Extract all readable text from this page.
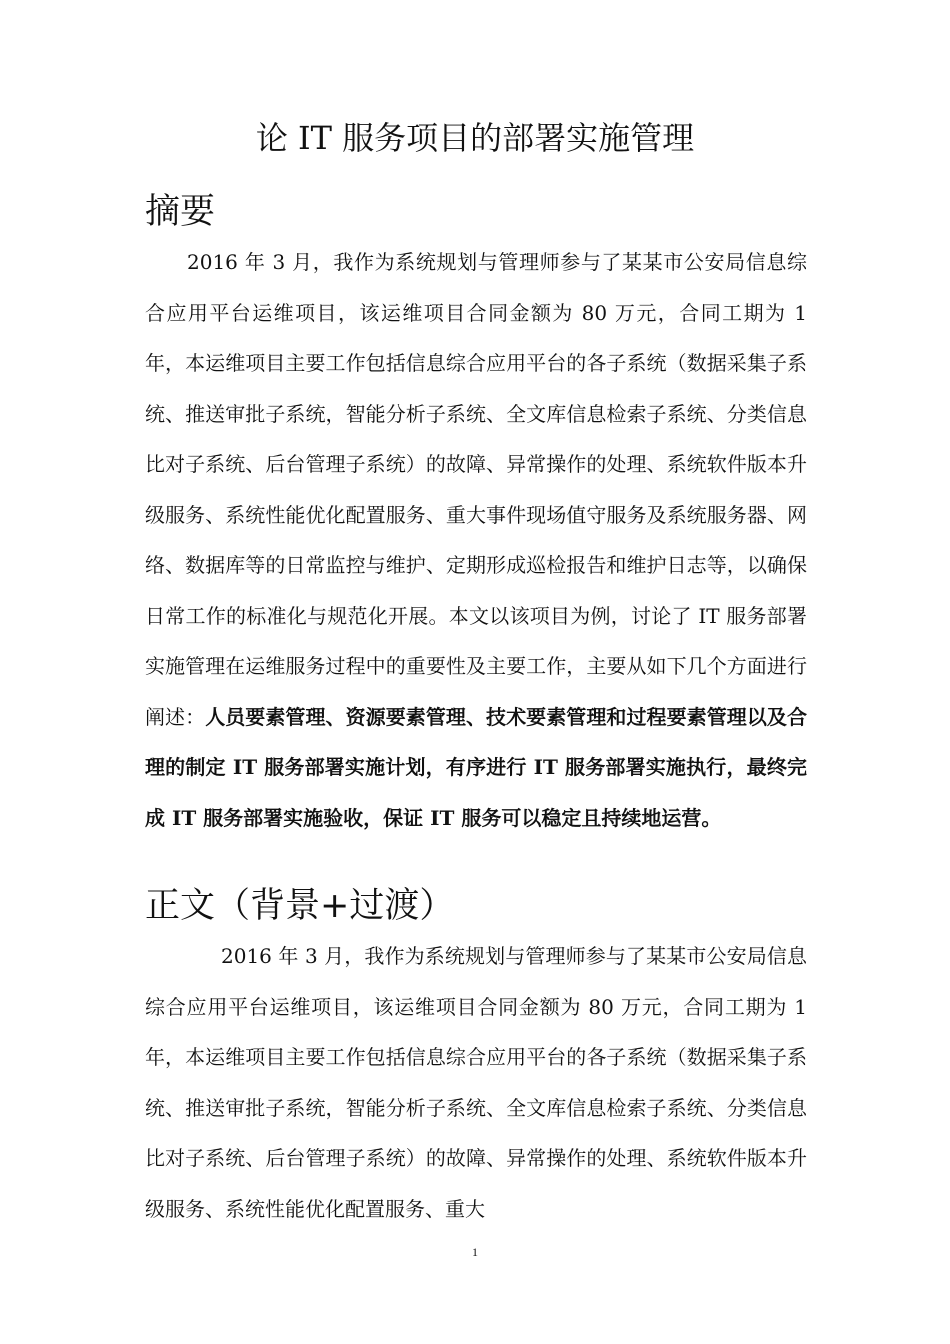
论 IT 服务项目的部署实施管理
摘要

2016 年 3 月，我作为系统规划与管理师参与了某某市公安局信息综合应用平台运维项目，该运维项目合同金额为 80 万元，合同工期为 1 年，本运维项目主要工作包括信息综合应用平台的各子系统（数据采集子系统、推送审批子系统，智能分析子系统、全文库信息检索子系统、分类信息比对子系统、后台管理子系统）的故障、异常操作的处理、系统软件版本升级服务、系统性能优化配置服务、重大事件现场值守服务及系统服务器、网络、数据库等的日常监控与维护、定期形成巡检报告和维护日志等，以确保日常工作的标准化与规范化开展。本文以该项目为例，讨论了 IT 服务部署实施管理在运维服务过程中的重要性及主要工作，主要从如下几个方面进行阐述：人员要素管理、资源要素管理、技术要素管理和过程要素管理以及合理的制定 IT 服务部署实施计划，有序进行 IT 服务部署实施执行，最终完成 IT 服务部署实施验收，保证 IT 服务可以稳定且持续地运营。

正文（背景+过渡）

2016 年 3 月，我作为系统规划与管理师参与了某某市公安局信息综合应用平台运维项目，该运维项目合同金额为 80 万元，合同工期为 1 年，本运维项目主要工作包括信息综合应用平台的各子系统（数据采集子系统、推送审批子系统，智能分析子系统、全文库信息检索子系统、分类信息比对子系统、后台管理子系统）的故障、异常操作的处理、系统软件版本升级服务、系统性能优化配置服务、重大

1
